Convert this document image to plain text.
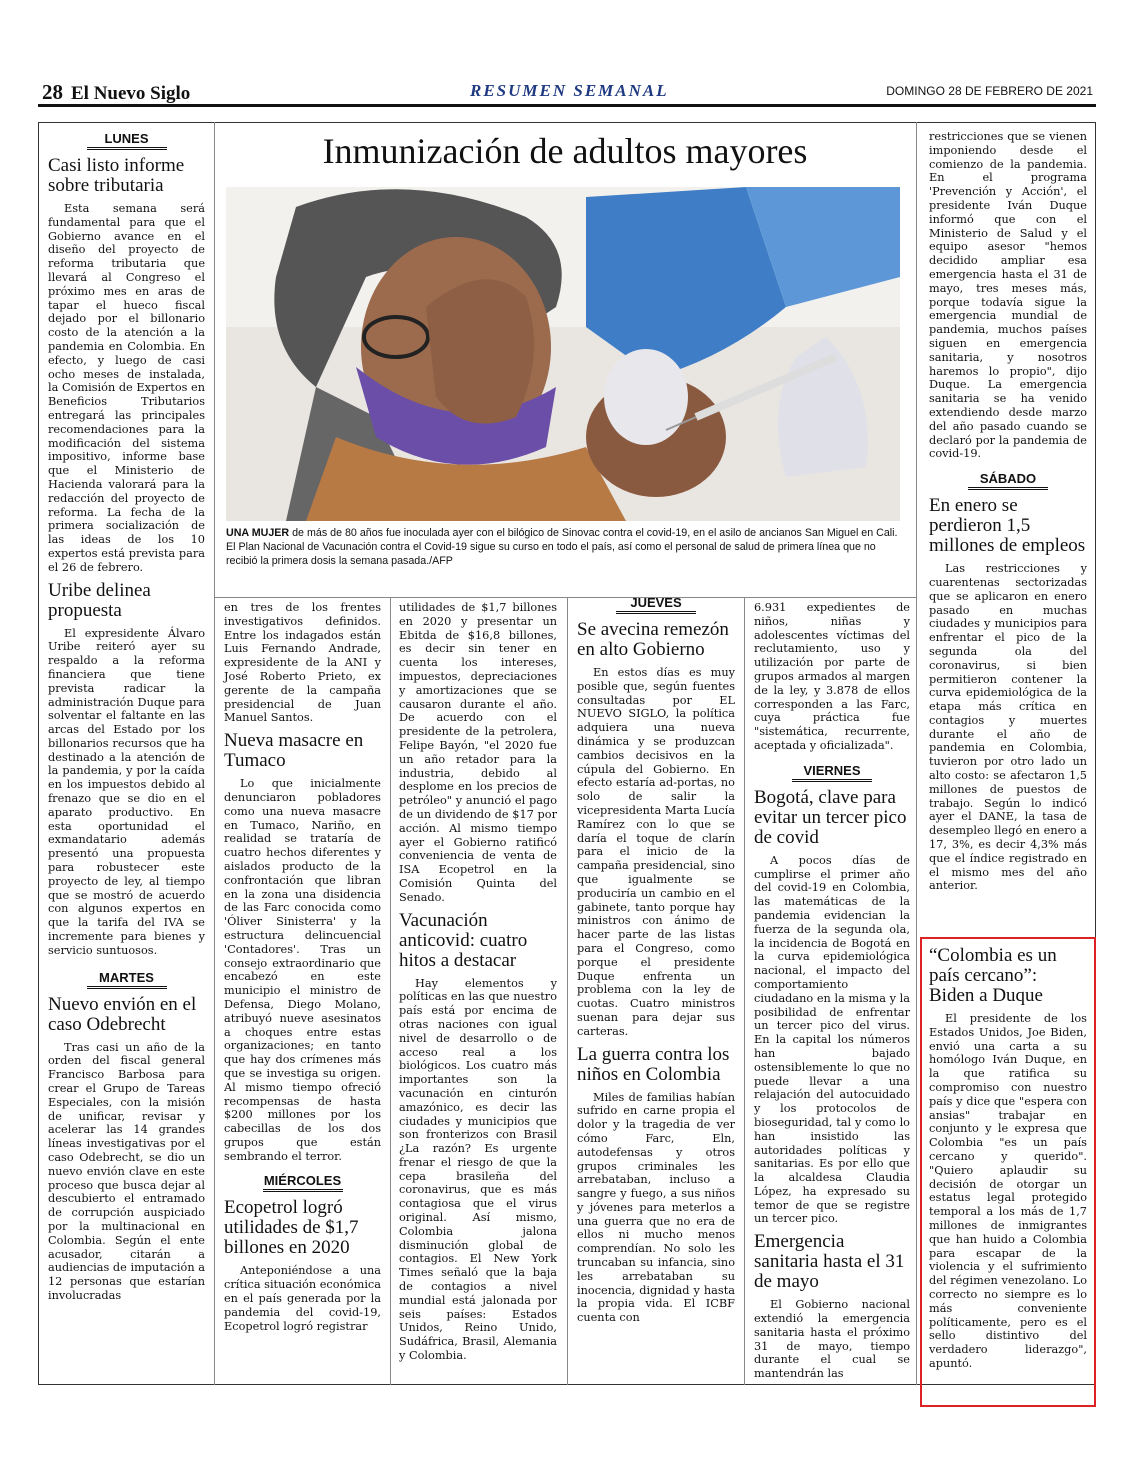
28 El Nuevo Siglo	RESUMEN SEMANAL	DOMINGO 28 DE FEBRERO DE 2021
Inmunización de adultos mayores
UNA MUJER de más de 80 años fue inoculada ayer con el bilógico de Sinovac contra el covid-19, en el asilo de ancianos San Miguel en Cali. El Plan Nacional de Vacunación contra el Covid-19 sigue su curso en todo el país, así como el personal de salud de primera línea que no recibió la primera dosis la semana pasada./AFP
LUNES
Casi listo informe sobre tributaria

Esta semana será fundamental para que el Gobierno avance en el diseño del proyecto de reforma tributaria que llevará al Congreso el próximo mes en aras de tapar el hueco fiscal dejado por el billonario costo de la atención a la pandemia en Colombia. En efecto, y luego de casi ocho meses de instalada, la Comisión de Expertos en Beneficios Tributarios entregará las principales recomendaciones para la modificación del sistema impositivo, informe base que el Ministerio de Hacienda valorará para la redacción del proyecto de reforma. La fecha de la primera socialización de las ideas de los 10 expertos está prevista para el 26 de febrero.

Uribe delinea propuesta

El expresidente Álvaro Uribe reiteró ayer su respaldo a la reforma financiera que tiene prevista radicar la administración Duque para solventar el faltante en las arcas del Estado por los billonarios recursos que ha destinado a la atención de la pandemia, y por la caída en los impuestos debido al frenazo que se dio en el aparato productivo. En esta oportunidad el exmandatario además presentó una propuesta para robustecer este proyecto de ley, al tiempo que se mostró de acuerdo con algunos expertos en que la tarifa del IVA se incremente para bienes y servicio suntuosos.

MARTES
Nuevo envión en el caso Odebrecht

Tras casi un año de la orden del fiscal general Francisco Barbosa para crear el Grupo de Tareas Especiales, con la misión de unificar, revisar y acelerar las 14 grandes líneas investigativas por el caso Odebrecht, se dio un nuevo envión clave en este proceso que busca dejar al descubierto el entramado de corrupción auspiciado por la multinacional en Colombia. Según el ente acusador, citarán a audiencias de imputación a 12 personas que estarían involucradas

en tres de los frentes investigativos definidos. Entre los indagados están Luis Fernando Andrade, expresidente de la ANI y José Roberto Prieto, ex gerente de la campaña presidencial de Juan Manuel Santos.

Nueva masacre en Tumaco

Lo que inicialmente denunciaron pobladores como una nueva masacre en Tumaco, Nariño, en realidad se trataría de cuatro hechos diferentes y aislados producto de la confrontación que libran en la zona una disidencia de las Farc conocida como 'Óliver Sinisterra' y la estructura delincuencial 'Contadores'. Tras un consejo extraordinario que encabezó en este municipio el ministro de Defensa, Diego Molano, atribuyó nueve asesinatos a choques entre estas organizaciones; en tanto que hay dos crímenes más que se investiga su origen. Al mismo tiempo ofreció recompensas de hasta $200 millones por los cabecillas de los dos grupos que están sembrando el terror.

MIÉRCOLES
Ecopetrol logró utilidades de $1,7 billones en 2020

Anteponiéndose a una crítica situación económica en el país generada por la pandemia del covid-19, Ecopetrol logró registrar

utilidades de $1,7 billones en 2020 y presentar un Ebitda de $16,8 billones, es decir sin tener en cuenta los intereses, impuestos, depreciaciones y amortizaciones que se causaron durante el año. De acuerdo con el presidente de la petrolera, Felipe Bayón, "el 2020 fue un año retador para la industria, debido al desplome en los precios de petróleo" y anunció el pago de un dividendo de $17 por acción. Al mismo tiempo ayer el Gobierno ratificó conveniencia de venta de ISA Ecopetrol en la Comisión Quinta del Senado.

Vacunación anticovid: cuatro hitos a destacar

Hay elementos y políticas en las que nuestro país está por encima de otras naciones con igual nivel de desarrollo o de acceso real a los biológicos. Los cuatro más importantes son la vacunación en cinturón amazónico, es decir las ciudades y municipios que son fronterizos con Brasil ¿La razón? Es urgente frenar el riesgo de que la cepa brasileña del coronavirus, que es más contagiosa que el virus original. Así mismo, Colombia jalona disminución global de contagios. El New York Times señaló que la baja de contagios a nivel mundial está jalonada por seis países: Estados Unidos, Reino Unido, Sudáfrica, Brasil, Alemania y Colombia.

JUEVES
Se avecina remezón en alto Gobierno

En estos días es muy posible que, según fuentes consultadas por EL NUEVO SIGLO, la política adquiera una nueva dinámica y se produzcan cambios decisivos en la cúpula del Gobierno. En efecto estaría ad-portas, no solo de salir la vicepresidenta Marta Lucía Ramírez con lo que se daría el toque de clarín para el inicio de la campaña presidencial, sino que igualmente se produciría un cambio en el gabinete, tanto porque hay ministros con ánimo de hacer parte de las listas para el Congreso, como porque el presidente Duque enfrenta un problema con la ley de cuotas. Cuatro ministros suenan para dejar sus carteras.

La guerra contra los niños en Colombia

Miles de familias habían sufrido en carne propia el dolor y la tragedia de ver cómo Farc, Eln, autodefensas y otros grupos criminales les arrebataban, incluso a sangre y fuego, a sus niños y jóvenes para meterlos a una guerra que no era de ellos ni mucho menos comprendían. No solo les truncaban su infancia, sino les arrebataban su inocencia, dignidad y hasta la propia vida. El ICBF cuenta con

6.931 expedientes de niños, niñas y adolescentes víctimas del reclutamiento, uso y utilización por parte de grupos armados al margen de la ley, y 3.878 de ellos corresponden a las Farc, cuya práctica fue "sistemática, recurrente, aceptada y oficializada".

VIERNES
Bogotá, clave para evitar un tercer pico de covid

A pocos días de cumplirse el primer año del covid-19 en Colombia, las matemáticas de la pandemia evidencian la fuerza de la segunda ola, la incidencia de Bogotá en la curva epidemiológica nacional, el impacto del comportamiento ciudadano en la misma y la posibilidad de enfrentar un tercer pico del virus. En la capital los números han bajado ostensiblemente lo que no puede llevar a una relajación del autocuidado y los protocolos de bioseguridad, tal y como lo han insistido las autoridades políticas y sanitarias. Es por ello que la alcaldesa Claudia López, ha expresado su temor de que se registre un tercer pico.

Emergencia sanitaria hasta el 31 de mayo

El Gobierno nacional extendió la emergencia sanitaria hasta el próximo 31 de mayo, tiempo durante el cual se mantendrán las

restricciones que se vienen imponiendo desde el comienzo de la pandemia. En el programa 'Prevención y Acción', el presidente Iván Duque informó que con el Ministerio de Salud y el equipo asesor "hemos decidido ampliar esa emergencia hasta el 31 de mayo, tres meses más, porque todavía sigue la emergencia mundial de pandemia, muchos países siguen en emergencia sanitaria, y nosotros haremos lo propio", dijo Duque. La emergencia sanitaria se ha venido extendiendo desde marzo del año pasado cuando se declaró por la pandemia de covid-19.

SÁBADO
En enero se perdieron 1,5 millones de empleos

Las restricciones y cuarentenas sectorizadas que se aplicaron en enero pasado en muchas ciudades y municipios para enfrentar el pico de la segunda ola del coronavirus, si bien permitieron contener la curva epidemiológica de la etapa más crítica en contagios y muertes durante el año de pandemia en Colombia, tuvieron por otro lado un alto costo: se afectaron 1,5 millones de puestos de trabajo. Según lo indicó ayer el DANE, la tasa de desempleo llegó en enero a 17, 3%, es decir 4,3% más que el índice registrado en el mismo mes del año anterior.

“Colombia es un país cercano”: Biden a Duque

El presidente de los Estados Unidos, Joe Biden, envió una carta a su homólogo Iván Duque, en la que ratifica su compromiso con nuestro país y dice que "espera con ansias" trabajar en conjunto y le expresa que Colombia "es un país cercano y querido". "Quiero aplaudir su decisión de otorgar un estatus legal protegido temporal a los más de 1,7 millones de inmigrantes que han huido a Colombia para escapar de la violencia y el sufrimiento del régimen venezolano. Lo correcto no siempre es lo más conveniente políticamente, pero es el sello distintivo del verdadero liderazgo", apuntó.
